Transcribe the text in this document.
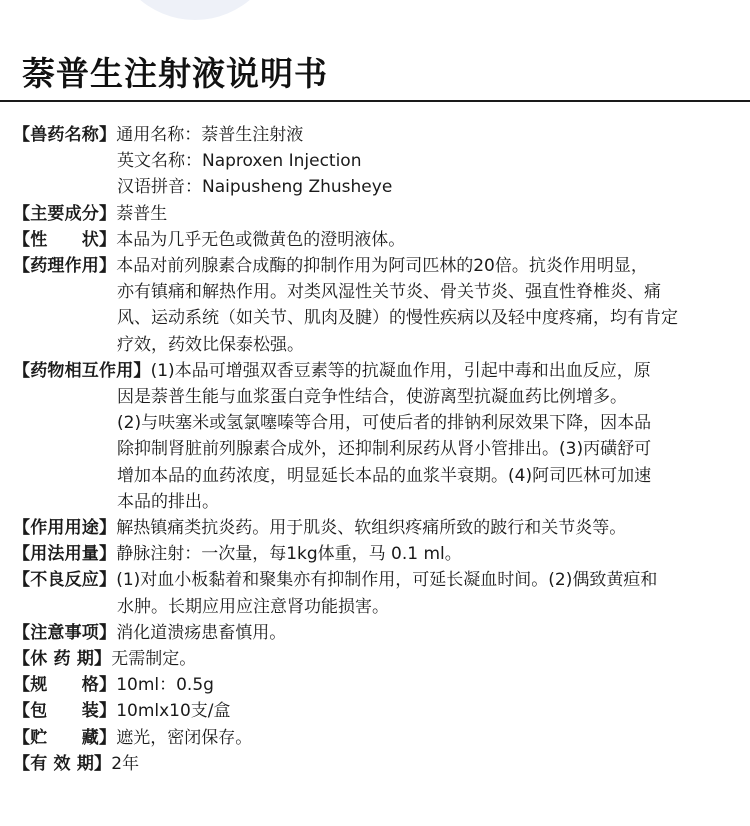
萘普生注射液说明书
【兽药名称】通用名称：萘普生注射液
英文名称：Naproxen Injection
汉语拼音：Naipusheng Zhusheye
【主要成分】萘普生
【性　　状】本品为几乎无色或微黄色的澄明液体。
【药理作用】本品对前列腺素合成酶的抑制作用为阿司匹林的20倍。抗炎作用明显，
亦有镇痛和解热作用。对类风湿性关节炎、骨关节炎、强直性脊椎炎、痛
风、运动系统（如关节、肌肉及腱）的慢性疾病以及轻中度疼痛，均有肯定
疗效，药效比保泰松强。
【药物相互作用】(1)本品可增强双香豆素等的抗凝血作用，引起中毒和出血反应，原
因是萘普生能与血浆蛋白竞争性结合，使游离型抗凝血药比例增多。
(2)与呋塞米或氢氯噻嗪等合用，可使后者的排钠利尿效果下降，因本品
除抑制肾脏前列腺素合成外，还抑制利尿药从肾小管排出。(3)丙磺舒可
增加本品的血药浓度，明显延长本品的血浆半衰期。(4)阿司匹林可加速
本品的排出。
【作用用途】解热镇痛类抗炎药。用于肌炎、软组织疼痛所致的跛行和关节炎等。
【用法用量】静脉注射：一次量，每1kg体重，马 0.1 ml。
【不良反应】(1)对血小板黏着和聚集亦有抑制作用，可延长凝血时间。(2)偶致黄疸和
水肿。长期应用应注意肾功能损害。
【注意事项】消化道溃疡患畜慎用。
【休 药 期】无需制定。
【规　　格】10ml：0.5g
【包　　装】10mlx10支/盒
【贮　　藏】遮光，密闭保存。
【有 效 期】2年
